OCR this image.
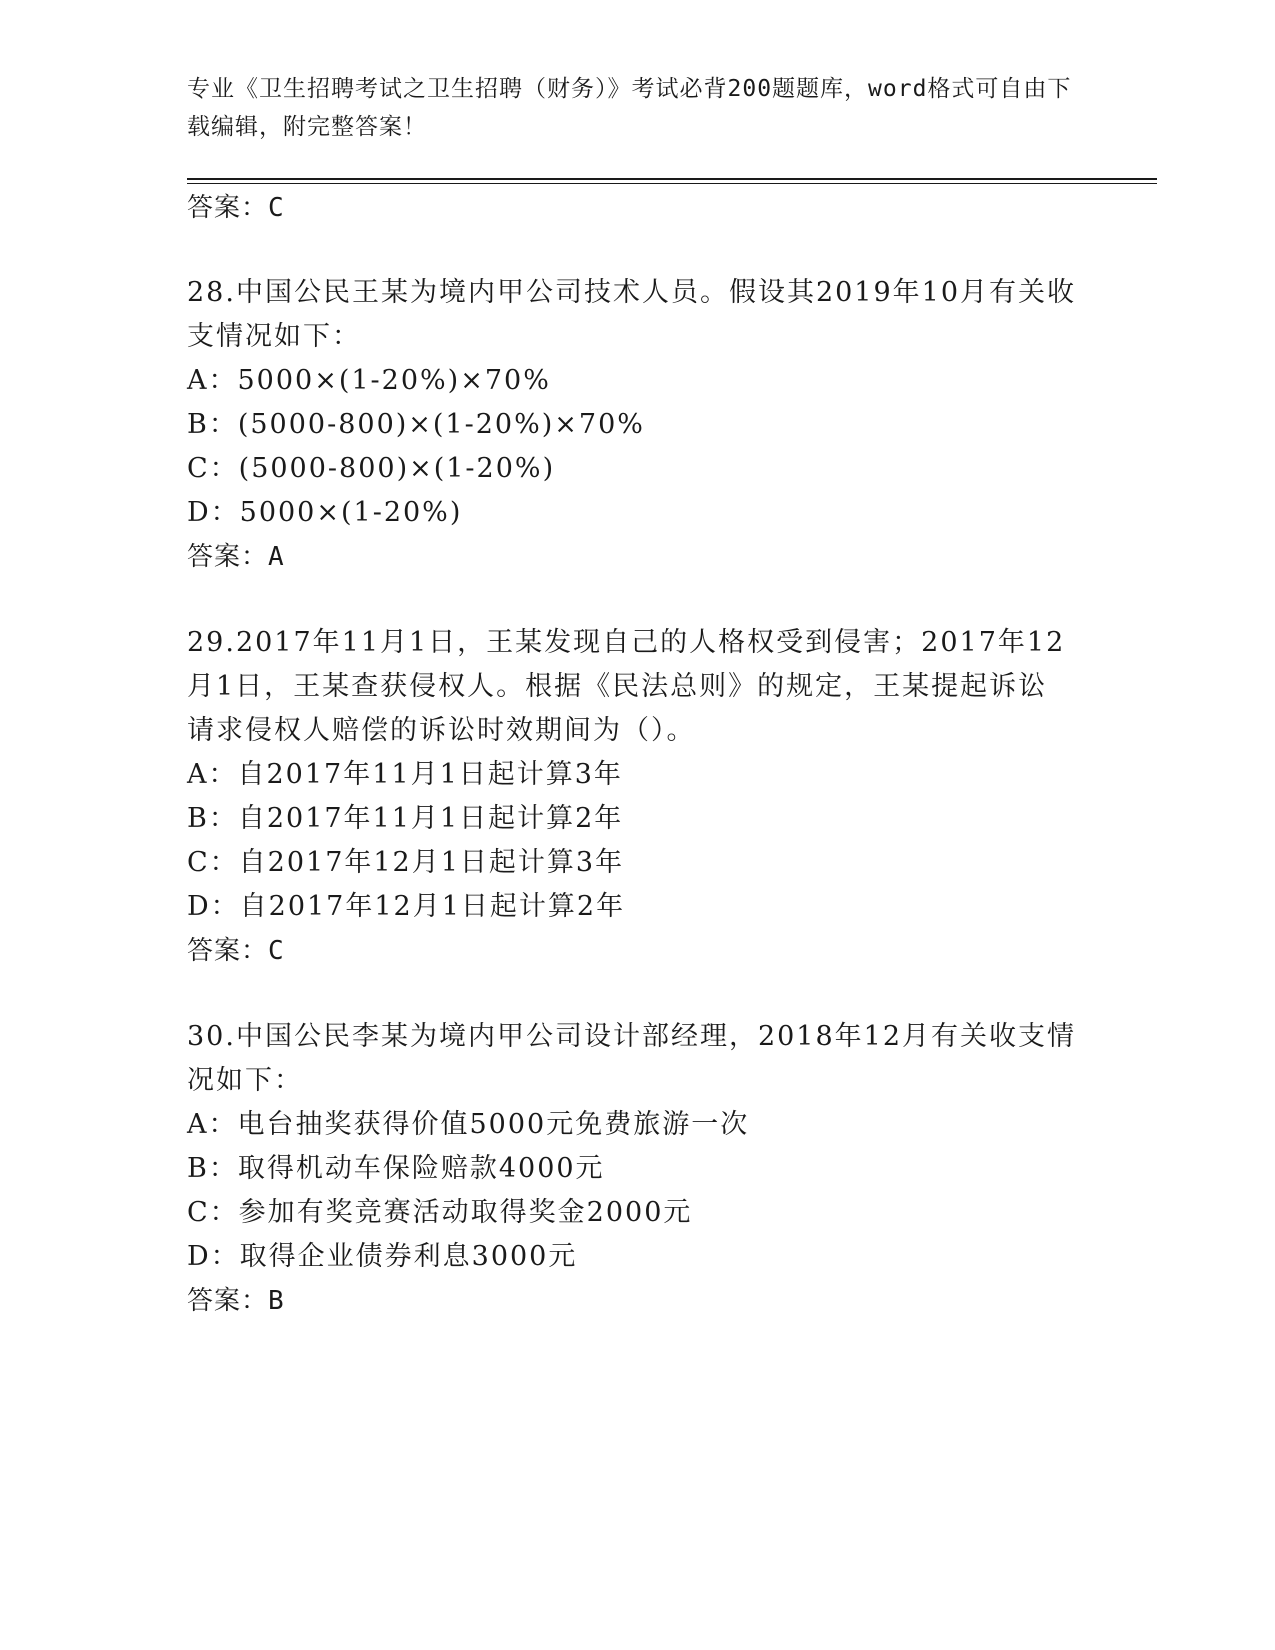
专业《卫生招聘考试之卫生招聘（财务）》考试必背200题题库，word格式可自由下载编辑，附完整答案！
答案：C
28.中国公民王某为境内甲公司技术人员。假设其2019年10月有关收
支情况如下：
A：5000×(1-20%)×70%
B：(5000-800)×(1-20%)×70%
C：(5000-800)×(1-20%)
D：5000×(1-20%)
答案：A
29.2017年11月1日，王某发现自己的人格权受到侵害；2017年12
月1日，王某查获侵权人。根据《民法总则》的规定，王某提起诉讼
请求侵权人赔偿的诉讼时效期间为（）。
A：自2017年11月1日起计算3年
B：自2017年11月1日起计算2年
C：自2017年12月1日起计算3年
D：自2017年12月1日起计算2年
答案：C
30.中国公民李某为境内甲公司设计部经理，2018年12月有关收支情
况如下：
A：电台抽奖获得价值5000元免费旅游一次
B：取得机动车保险赔款4000元
C：参加有奖竞赛活动取得奖金2000元
D：取得企业债券利息3000元
答案：B
